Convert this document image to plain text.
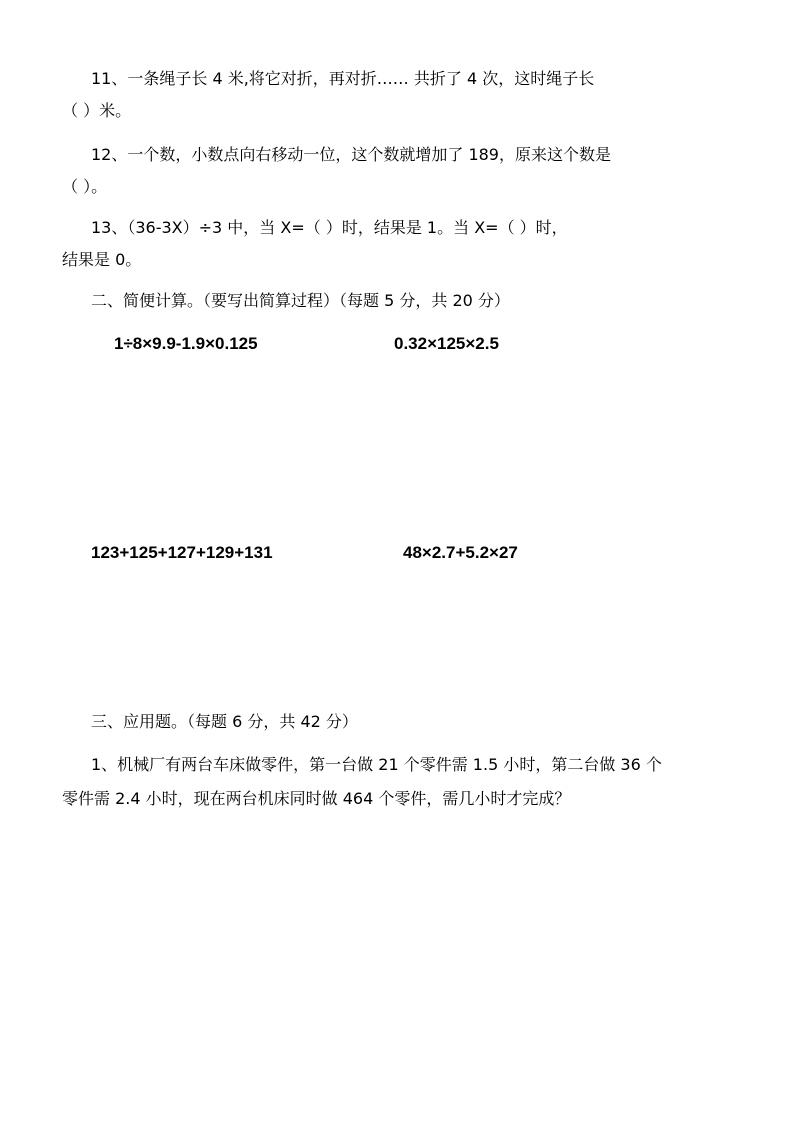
11、一条绳子长 4 米,将它对折，再对折…… 共折了 4 次，这时绳子长
（ ）米。
12、一个数，小数点向右移动一位，这个数就增加了 189，原来这个数是
（ ）。
13、（36-3X）÷3 中，当 X=（ ）时，结果是 1。当 X=（ ）时，
结果是 0。
二、简便计算。（要写出简算过程）（每题 5 分，共 20 分）
1÷8×9.9-1.9×0.125	0.32×125×2.5
123+125+127+129+131	48×2.7+5.2×27
三、应用题。（每题 6 分，共 42 分）
1、机械厂有两台车床做零件，第一台做 21 个零件需 1.5 小时，第二台做 36 个
零件需 2.4 小时，现在两台机床同时做 464 个零件，需几小时才完成？
